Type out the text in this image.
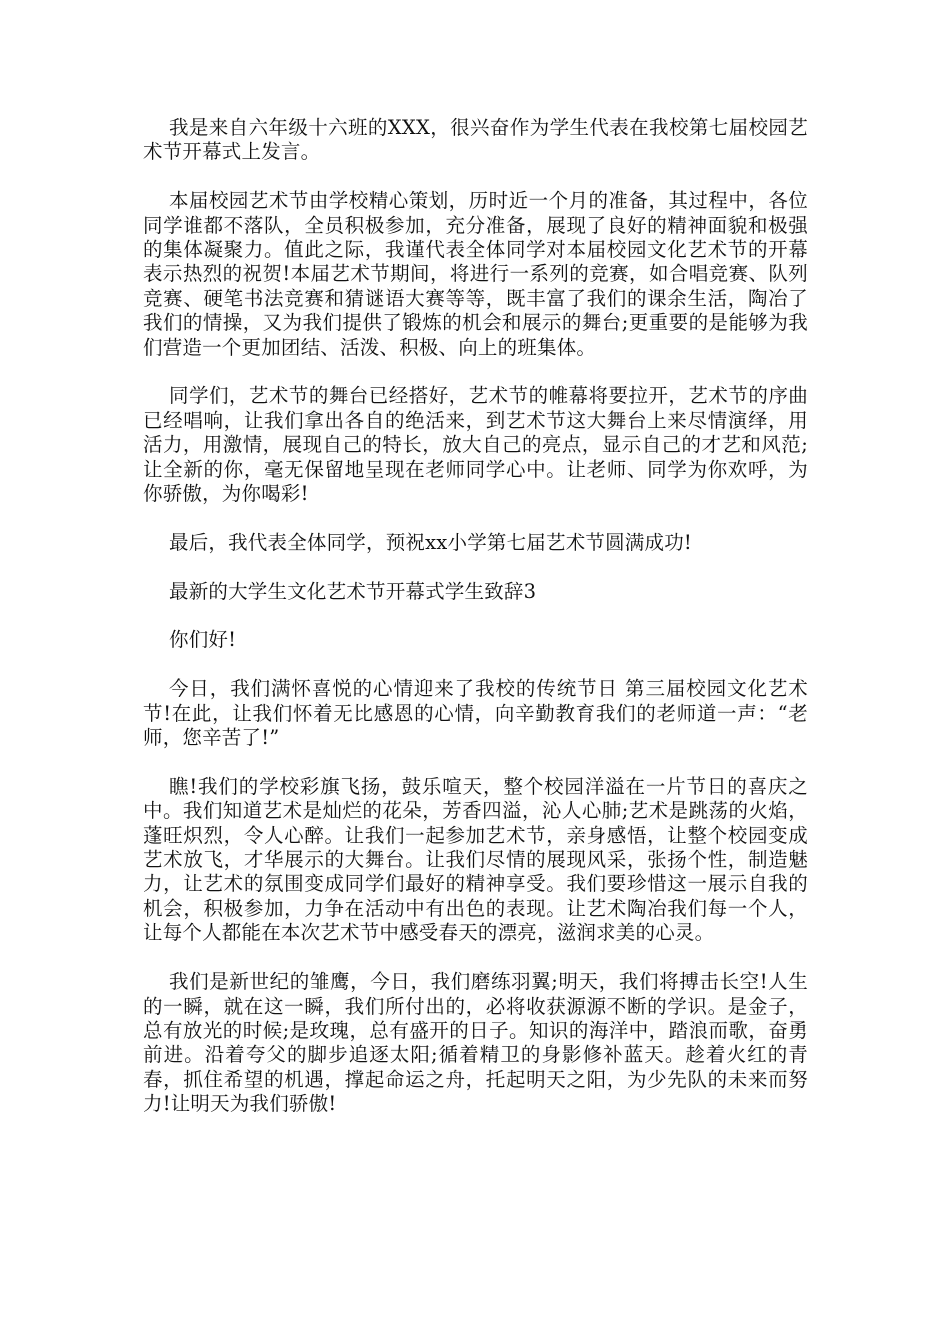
我是来自六年级十六班的XXX，很兴奋作为学生代表在我校第七届校园艺术节开幕式上发言。

本届校园艺术节由学校精心策划，历时近一个月的准备，其过程中，各位同学谁都不落队，全员积极参加，充分准备，展现了良好的精神面貌和极强的集体凝聚力。值此之际，我谨代表全体同学对本届校园文化艺术节的开幕表示热烈的祝贺!本届艺术节期间，将进行一系列的竞赛，如合唱竞赛、队列竞赛、硬笔书法竞赛和猜谜语大赛等等，既丰富了我们的课余生活，陶冶了我们的情操，又为我们提供了锻炼的机会和展示的舞台;更重要的是能够为我们营造一个更加团结、活泼、积极、向上的班集体。

同学们，艺术节的舞台已经搭好，艺术节的帷幕将要拉开，艺术节的序曲已经唱响，让我们拿出各自的绝活来，到艺术节这大舞台上来尽情演绎，用活力，用激情，展现自己的特长，放大自己的亮点，显示自己的才艺和风范;让全新的你，毫无保留地呈现在老师同学心中。让老师、同学为你欢呼，为你骄傲，为你喝彩!

最后，我代表全体同学，预祝xx小学第七届艺术节圆满成功!

最新的大学生文化艺术节开幕式学生致辞3

你们好!

今日，我们满怀喜悦的心情迎来了我校的传统节日 第三届校园文化艺术节!在此，让我们怀着无比感恩的心情，向辛勤教育我们的老师道一声：“老师，您辛苦了!”

瞧!我们的学校彩旗飞扬，鼓乐喧天，整个校园洋溢在一片节日的喜庆之中。我们知道艺术是灿烂的花朵，芳香四溢，沁人心肺;艺术是跳荡的火焰，蓬旺炽烈，令人心醉。让我们一起参加艺术节，亲身感悟，让整个校园变成艺术放飞，才华展示的大舞台。让我们尽情的展现风采，张扬个性，制造魅力，让艺术的氛围变成同学们最好的精神享受。我们要珍惜这一展示自我的机会，积极参加，力争在活动中有出色的表现。让艺术陶冶我们每一个人，让每个人都能在本次艺术节中感受春天的漂亮，滋润求美的心灵。

我们是新世纪的雏鹰，今日，我们磨练羽翼;明天，我们将搏击长空!人生的一瞬，就在这一瞬，我们所付出的，必将收获源源不断的学识。是金子，总有放光的时候;是玫瑰，总有盛开的日子。知识的海洋中，踏浪而歌，奋勇前进。沿着夸父的脚步追逐太阳;循着精卫的身影修补蓝天。趁着火红的青春，抓住希望的机遇，撑起命运之舟，托起明天之阳，为少先队的未来而努力!让明天为我们骄傲!
